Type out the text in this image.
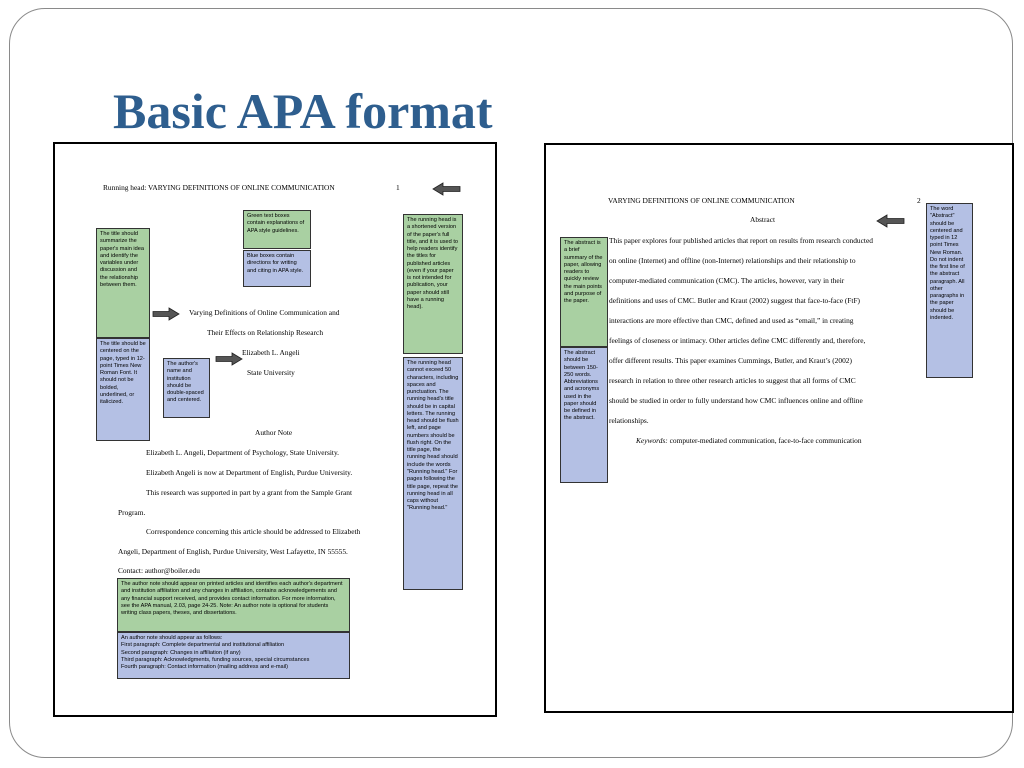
Basic APA format
Running head: VARYING DEFINITIONS OF ONLINE COMMUNICATION	1
Green text boxes contain explanations of APA style guidelines.
Blue boxes contain directions for writing and citing in APA style.
The title should summarize the paper's main idea and identify the variables under discussion and the relationship between them.
The title should be centered on the page, typed in 12-point Times New Roman Font. It should not be bolded, underlined, or italicized.
The running head is a shortened version of the paper's full title, and it is used to help readers identify the titles for published articles (even if your paper is not intended for publication, your paper should still have a running head).
The running head cannot exceed 50 characters, including spaces and punctuation. The running head's title should be in capital letters. The running head should be flush left, and page numbers should be flush right. On the title page, the running head should include the words "Running head." For pages following the title page, repeat the running head in all caps without "Running head."
The author's name and institution should be double-spaced and centered.
Varying Definitions of Online Communication and
Their Effects on Relationship Research
Elizabeth L. Angeli
State University
Author Note
Elizabeth L. Angeli, Department of Psychology, State University.
Elizabeth Angeli is now at Department of English, Purdue University.
This research was supported in part by a grant from the Sample Grant
Program.
Correspondence concerning this article should be addressed to Elizabeth
Angeli, Department of English, Purdue University, West Lafayette, IN 55555.
Contact: author@boiler.edu
The author note should appear on printed articles and identifies each author's department and institution affiliation and any changes in affiliation, contains acknowledgements and any financial support received, and provides contact information. For more information, see the APA manual, 2.03, page 24-25. Note: An author note is optional for students writing class papers, theses, and dissertations.
An author note should appear as follows:
First paragraph: Complete departmental and institutional affiliation
Second paragraph: Changes in affiliation (if any)
Third paragraph: Acknowledgments, funding sources, special circumstances
Fourth paragraph: Contact information (mailing address and e-mail)
VARYING DEFINITIONS OF ONLINE COMMUNICATION	2
Abstract
The abstract is a brief summary of the paper, allowing readers to quickly review the main points and purpose of the paper.
The abstract should be between 150-250 words. Abbreviations and acronyms used in the paper should be defined in the abstract.
The word "Abstract" should be centered and typed in 12 point Times New Roman. Do not indent the first line of the abstract paragraph. All other paragraphs in the paper should be indented.
This paper explores four published articles that report on results from research conducted
on online (Internet) and offline (non-Internet) relationships and their relationship to
computer-mediated communication (CMC). The articles, however, vary in their
definitions and uses of CMC. Butler and Kraut (2002) suggest that face-to-face (FtF)
interactions are more effective than CMC, defined and used as “email,” in creating
feelings of closeness or intimacy. Other articles define CMC differently and, therefore,
offer different results. This paper examines Cummings, Butler, and Kraut’s (2002)
research in relation to three other research articles to suggest that all forms of CMC
should be studied in order to fully understand how CMC influences online and offline
relationships.
Keywords: computer-mediated communication, face-to-face communication
